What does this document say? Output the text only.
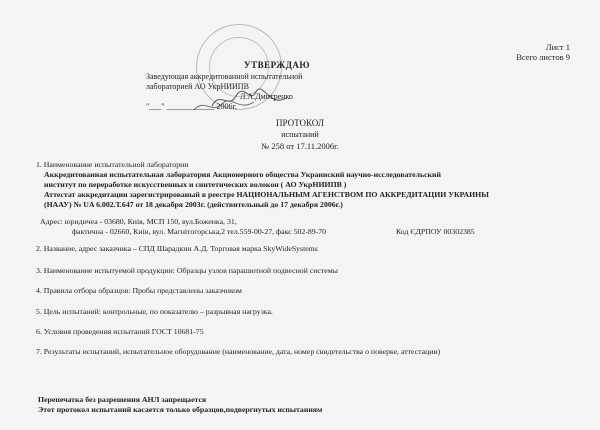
Лист 1
Всего листов 9
УТВЕРЖДАЮ
Заведующая аккредитованной испытательной
лабораторией АО УкрНИИПВ
Л.А.Дмитренко
"___" ____________ 2006г.
ПРОТОКОЛ
испытаний
№ 258 от 17.11.2006г.
1. Наименование испытательной лаборатории
Аккредитованная испытательная лаборатория Акционерного общества Украинский научно-исследовательский
институт по переработке искусственных и синтетических волокон ( АО УкрНИИПВ )
Аттестат аккредитации зарегистрированый в реестре НАЦИОНАЛЬНЫМ АГЕНСТВОМ ПО АККРЕДИТАЦИИ УКРАИНЫ
(НААУ) № UA 6.002.Т.647 от 18 декабря 2003г. (действительный до 17 декабря 2006г.)
Адрес: юридичеа - 03680, Киів, МСП 150, вул.Боженка, 31,
фактична - 02660, Киів, вул. Магнітогорська,2 тел.559-00-27, факс 502-89-70	Код ЄДРПОУ 00302385
2. Название, адрес заказчика – СПД Шарадкин А.Д. Торговая марка SkyWideSystems
3. Наименование испытуемой продукции: Образцы узлов парашютной подвесной системы
4. Правила отбора образцов: Пробы представлены заказчиком
5. Цель испытаний: контрольные, по показателю – разрывная нагрузка.
6. Условия проведения испытаний ГОСТ 10681-75
7. Результаты испытаний, испытательное оборудование (наименование, дата, номер свидетельства о поверке, аттестации)
Перепечатка без разрешения АНЛ запрещается
Этот протокол испытаний касается только образцов,подвергнутых испытаниям
